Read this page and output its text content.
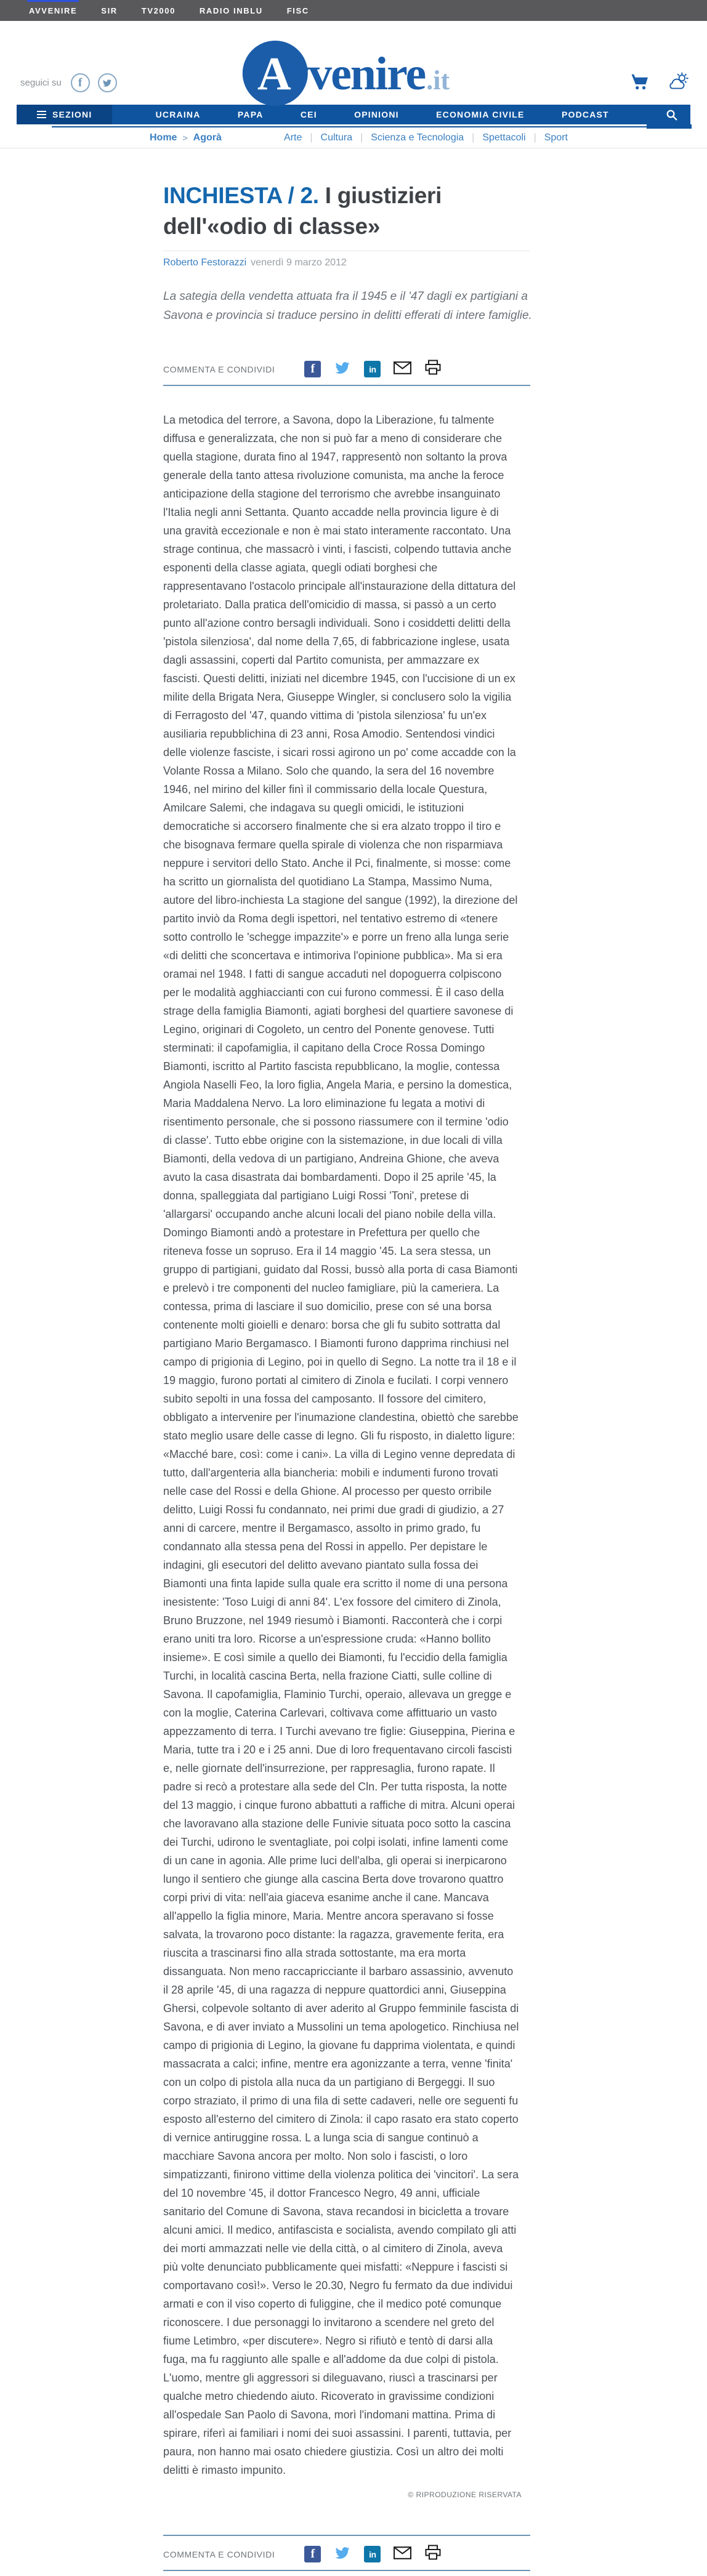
AVVENIRE	SIR	TV2000	RADIO INBLU	FISC
seguici su f	Avvenire .it
SEZIONI	UCRAINA	PAPA	CEI	OPINIONI	ECONOMIA CIVILE	PODCAST
Home > Agorà	Arte | Cultura | Scienza e Tecnologia | Spettacoli | Sport
INCHIESTA / 2. I giustizieri dell'«odio di classe»
Roberto Festorazzi venerdì 9 marzo 2012
La sategia della vendetta attuata fra il 1945 e il '47 dagli ex partigiani a Savona e provincia si traduce persino in delitti efferati di intere famiglie.
COMMENTA E CONDIVIDI	f	in
La metodica del terrore, a Savona, dopo la Liberazione, fu talmente diffusa e generalizzata, che non si può far a meno di considerare che quella stagione, durata fino al 1947, rappresentò non soltanto la prova generale della tanto attesa rivoluzione comunista, ma anche la feroce anticipazione della stagione del terrorismo che avrebbe insanguinato l'Italia negli anni Settanta. Quanto accadde nella provincia ligure è di una gravità eccezionale e non è mai stato interamente raccontato. Una strage continua, che massacrò i vinti, i fascisti, colpendo tuttavia anche esponenti della classe agiata, quegli odiati borghesi che rappresentavano l'ostacolo principale all'instaurazione della dittatura del proletariato. Dalla pratica dell'omicidio di massa, si passò a un certo punto all'azione contro bersagli individuali. Sono i cosiddetti delitti della 'pistola silenziosa', dal nome della 7,65, di fabbricazione inglese, usata dagli assassini, coperti dal Partito comunista, per ammazzare ex fascisti. Questi delitti, iniziati nel dicembre 1945, con l'uccisione di un ex milite della Brigata Nera, Giuseppe Wingler, si conclusero solo la vigilia di Ferragosto del '47, quando vittima di 'pistola silenziosa' fu un'ex ausiliaria repubblichina di 23 anni, Rosa Amodio. Sentendosi vindici delle violenze fasciste, i sicari rossi agirono un po' come accadde con la Volante Rossa a Milano. Solo che quando, la sera del 16 novembre 1946, nel mirino del killer finì il commissario della locale Questura, Amilcare Salemi, che indagava su quegli omicidi, le istituzioni democratiche si accorsero finalmente che si era alzato troppo il tiro e che bisognava fermare quella spirale di violenza che non risparmiava neppure i servitori dello Stato. Anche il Pci, finalmente, si mosse: come ha scritto un giornalista del quotidiano La Stampa, Massimo Numa, autore del libro-inchiesta La stagione del sangue (1992), la direzione del partito inviò da Roma degli ispettori, nel tentativo estremo di «tenere sotto controllo le 'schegge impazzite'» e porre un freno alla lunga serie «di delitti che sconcertava e intimoriva l'opinione pubblica». Ma si era oramai nel 1948. I fatti di sangue accaduti nel dopoguerra colpiscono per le modalità agghiaccianti con cui furono commessi. È il caso della strage della famiglia Biamonti, agiati borghesi del quartiere savonese di Legino, originari di Cogoleto, un centro del Ponente genovese. Tutti sterminati: il capofamiglia, il capitano della Croce Rossa Domingo Biamonti, iscritto al Partito fascista repubblicano, la moglie, contessa Angiola Naselli Feo, la loro figlia, Angela Maria, e persino la domestica, Maria Maddalena Nervo. La loro eliminazione fu legata a motivi di risentimento personale, che si possono riassumere con il termine 'odio di classe'. Tutto ebbe origine con la sistemazione, in due locali di villa Biamonti, della vedova di un partigiano, Andreina Ghione, che aveva avuto la casa disastrata dai bombardamenti. Dopo il 25 aprile '45, la donna, spalleggiata dal partigiano Luigi Rossi 'Toni', pretese di 'allargarsi' occupando anche alcuni locali del piano nobile della villa. Domingo Biamonti andò a protestare in Prefettura per quello che riteneva fosse un sopruso. Era il 14 maggio '45. La sera stessa, un gruppo di partigiani, guidato dal Rossi, bussò alla porta di casa Biamonti e prelevò i tre componenti del nucleo famigliare, più la cameriera. La contessa, prima di lasciare il suo domicilio, prese con sé una borsa contenente molti gioielli e denaro: borsa che gli fu subito sottratta dal partigiano Mario Bergamasco. I Biamonti furono dapprima rinchiusi nel campo di prigionia di Legino, poi in quello di Segno. La notte tra il 18 e il 19 maggio, furono portati al cimitero di Zinola e fucilati. I corpi vennero subito sepolti in una fossa del camposanto. Il fossore del cimitero, obbligato a intervenire per l'inumazione clandestina, obiettò che sarebbe stato meglio usare delle casse di legno. Gli fu risposto, in dialetto ligure: «Macché bare, così: come i cani». La villa di Legino venne depredata di tutto, dall'argenteria alla biancheria: mobili e indumenti furono trovati nelle case del Rossi e della Ghione. Al processo per questo orribile delitto, Luigi Rossi fu condannato, nei primi due gradi di giudizio, a 27 anni di carcere, mentre il Bergamasco, assolto in primo grado, fu condannato alla stessa pena del Rossi in appello. Per depistare le indagini, gli esecutori del delitto avevano piantato sulla fossa dei Biamonti una finta lapide sulla quale era scritto il nome di una persona inesistente: 'Toso Luigi di anni 84'. L'ex fossore del cimitero di Zinola, Bruno Bruzzone, nel 1949 riesumò i Biamonti. Racconterà che i corpi erano uniti tra loro. Ricorse a un'espressione cruda: «Hanno bollito insieme». E così simile a quello dei Biamonti, fu l'eccidio della famiglia Turchi, in località cascina Berta, nella frazione Ciatti, sulle colline di Savona. Il capofamiglia, Flaminio Turchi, operaio, allevava un gregge e con la moglie, Caterina Carlevari, coltivava come affittuario un vasto appezzamento di terra. I Turchi avevano tre figlie: Giuseppina, Pierina e Maria, tutte tra i 20 e i 25 anni. Due di loro frequentavano circoli fascisti e, nelle giornate dell'insurrezione, per rappresaglia, furono rapate. Il padre si recò a protestare alla sede del Cln. Per tutta risposta, la notte del 13 maggio, i cinque furono abbattuti a raffiche di mitra. Alcuni operai che lavoravano alla stazione delle Funivie situata poco sotto la cascina dei Turchi, udirono le sventagliate, poi colpi isolati, infine lamenti come di un cane in agonia. Alle prime luci dell'alba, gli operai si inerpicarono lungo il sentiero che giunge alla cascina Berta dove trovarono quattro corpi privi di vita: nell'aia giaceva esanime anche il cane. Mancava all'appello la figlia minore, Maria. Mentre ancora speravano si fosse salvata, la trovarono poco distante: la ragazza, gravemente ferita, era riuscita a trascinarsi fino alla strada sottostante, ma era morta dissanguata. Non meno raccapricciante il barbaro assassinio, avvenuto il 28 aprile '45, di una ragazza di neppure quattordici anni, Giuseppina Ghersi, colpevole soltanto di aver aderito al Gruppo femminile fascista di Savona, e di aver inviato a Mussolini un tema apologetico. Rinchiusa nel campo di prigionia di Legino, la giovane fu dapprima violentata, e quindi massacrata a calci; infine, mentre era agonizzante a terra, venne 'finita' con un colpo di pistola alla nuca da un partigiano di Bergeggi. Il suo corpo straziato, il primo di una fila di sette cadaveri, nelle ore seguenti fu esposto all'esterno del cimitero di Zinola: il capo rasato era stato coperto di vernice antiruggine rossa. L a lunga scia di sangue continuò a macchiare Savona ancora per molto. Non solo i fascisti, o loro simpatizzanti, finirono vittime della violenza politica dei 'vincitori'. La sera del 10 novembre '45, il dottor Francesco Negro, 49 anni, ufficiale sanitario del Comune di Savona, stava recandosi in bicicletta a trovare alcuni amici. Il medico, antifascista e socialista, avendo compilato gli atti dei morti ammazzati nelle vie della città, o al cimitero di Zinola, aveva più volte denunciato pubblicamente quei misfatti: «Neppure i fascisti si comportavano così!». Verso le 20.30, Negro fu fermato da due individui armati e con il viso coperto di fuliggine, che il medico poté comunque riconoscere. I due personaggi lo invitarono a scendere nel greto del fiume Letimbro, «per discutere». Negro si rifiutò e tentò di darsi alla fuga, ma fu raggiunto alle spalle e all'addome da due colpi di pistola. L'uomo, mentre gli aggressori si dileguavano, riuscì a trascinarsi per qualche metro chiedendo aiuto. Ricoverato in gravissime condizioni all'ospedale San Paolo di Savona, morì l'indomani mattina. Prima di spirare, riferì ai familiari i nomi dei suoi assassini. I parenti, tuttavia, per paura, non hanno mai osato chiedere giustizia. Così un altro dei molti delitti è rimasto impunito.
© RIPRODUZIONE RISERVATA
COMMENTA E CONDIVIDI	f	in
